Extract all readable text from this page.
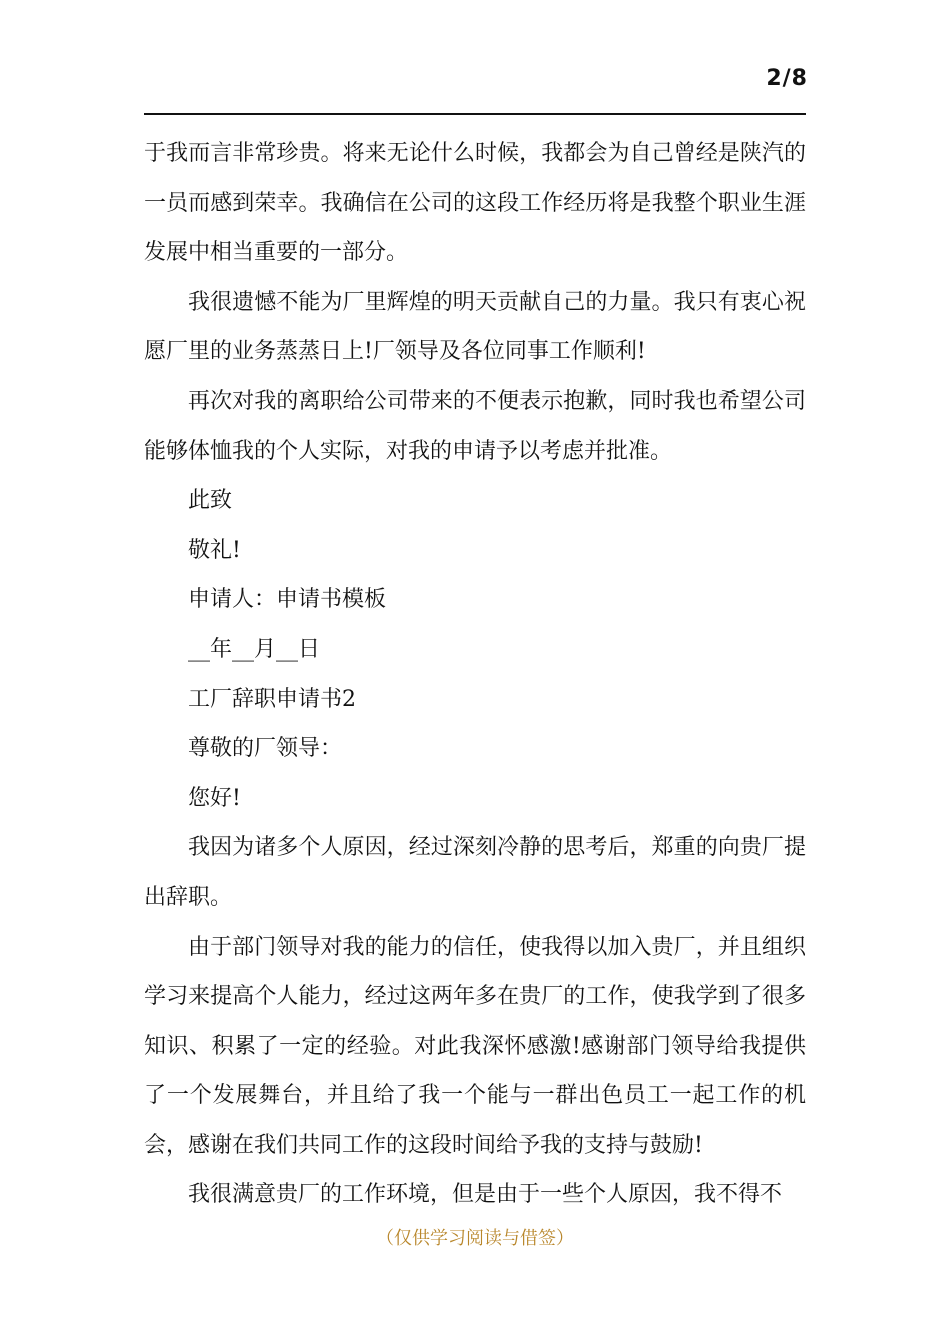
2/8

于我而言非常珍贵。将来无论什么时候，我都会为自己曾经是陕汽的一员而感到荣幸。我确信在公司的这段工作经历将是我整个职业生涯发展中相当重要的一部分。

我很遗憾不能为厂里辉煌的明天贡献自己的力量。我只有衷心祝愿厂里的业务蒸蒸日上!厂领导及各位同事工作顺利!

再次对我的离职给公司带来的不便表示抱歉，同时我也希望公司能够体恤我的个人实际，对我的申请予以考虑并批准。

此致

敬礼!

申请人：申请书模板

__年__月__日

工厂辞职申请书2

尊敬的厂领导：

您好!

我因为诸多个人原因，经过深刻冷静的思考后，郑重的向贵厂提出辞职。

由于部门领导对我的能力的信任，使我得以加入贵厂，并且组织学习来提高个人能力，经过这两年多在贵厂的工作，使我学到了很多知识、积累了一定的经验。对此我深怀感激!感谢部门领导给我提供了一个发展舞台，并且给了我一个能与一群出色员工一起工作的机会，感谢在我们共同工作的这段时间给予我的支持与鼓励!

我很满意贵厂的工作环境，但是由于一些个人原因，我不得不

（仅供学习阅读与借签）
